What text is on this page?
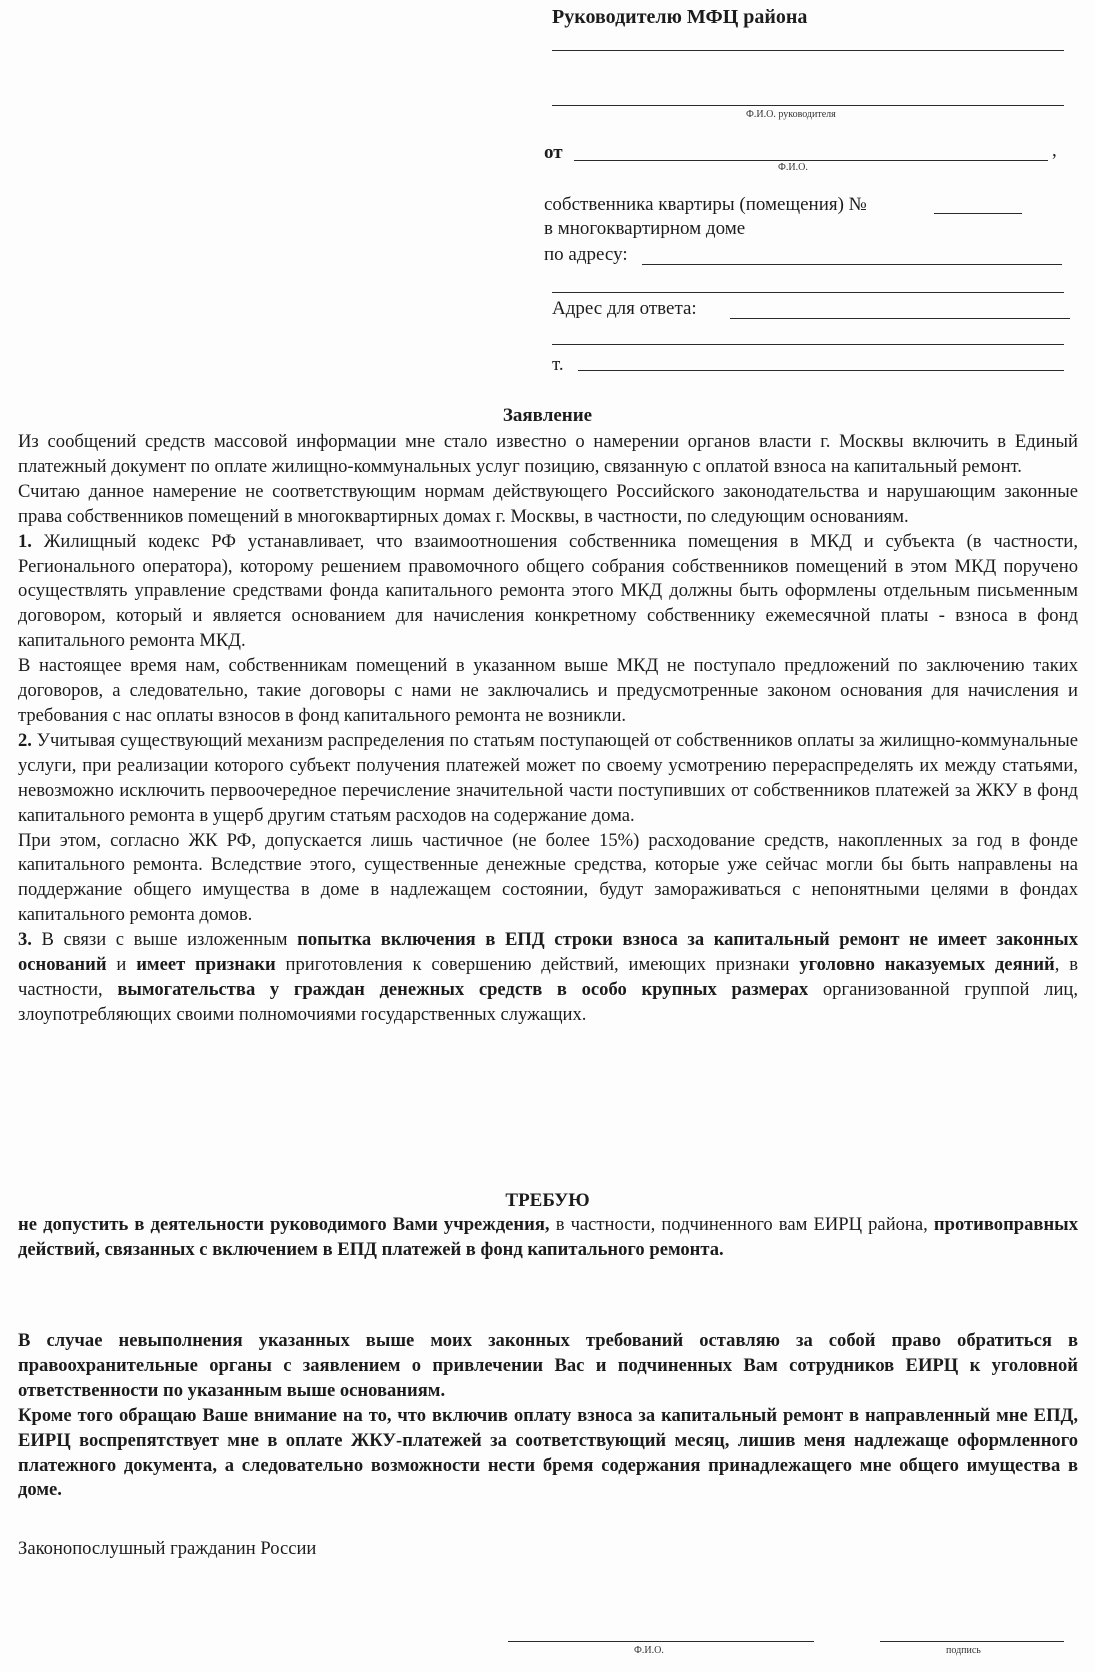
Руководителю МФЦ района
Ф.И.О. руководителя
от	,
Ф.И.О.
собственника квартиры (помещения) №
в многоквартирном доме
по адресу:
Адрес для ответа:
т.
Заявление

Из сообщений средств массовой информации мне стало известно о намерении органов власти г. Москвы включить в Единый платежный документ по оплате жилищно-коммунальных услуг позицию, связанную с оплатой взноса на капитальный ремонт.

Считаю данное намерение не соответствующим нормам действующего Российского законодательства и нарушающим законные права собственников помещений в многоквартирных домах г. Москвы, в частности, по следующим основаниям.

1. Жилищный кодекс РФ устанавливает, что взаимоотношения собственника помещения в МКД и субъекта (в частности, Регионального оператора), которому решением правомочного общего собрания собственников помещений в этом МКД поручено осуществлять управление средствами фонда капитального ремонта этого МКД должны быть оформлены отдельным письменным договором, который и является основанием для начисления конкретному собственнику ежемесячной платы - взноса в фонд капитального ремонта МКД.

В настоящее время нам, собственникам помещений в указанном выше МКД не поступало предложений по заключению таких договоров, а следовательно, такие договоры с нами не заключались и предусмотренные законом основания для начисления и требования с нас оплаты взносов в фонд капитального ремонта не возникли.

2. Учитывая существующий механизм распределения по статьям поступающей от собственников оплаты за жилищно-коммунальные услуги, при реализации которого субъект получения платежей может по своему усмотрению перераспределять их между статьями, невозможно исключить первоочередное перечисление значительной части поступивших от собственников платежей за ЖКУ в фонд капитального ремонта в ущерб другим статьям расходов на содержание дома.

При этом, согласно ЖК РФ, допускается лишь частичное (не более 15%) расходование средств, накопленных за год в фонде капитального ремонта. Вследствие этого, существенные денежные средства, которые уже сейчас могли бы быть направлены на поддержание общего имущества в доме в надлежащем состоянии, будут замораживаться с непонятными целями в фондах капитального ремонта домов.

3. В связи с выше изложенным попытка включения в ЕПД строки взноса за капитальный ремонт не имеет законных оснований и имеет признаки приготовления к совершению действий, имеющих признаки уголовно наказуемых деяний, в частности, вымогательства у граждан денежных средств в особо крупных размерах организованной группой лиц, злоупотребляющих своими полномочиями государственных служащих.

ТРЕБУЮ

не допустить в деятельности руководимого Вами учреждения, в частности, подчиненного вам ЕИРЦ района, противоправных действий, связанных с включением в ЕПД платежей в фонд капитального ремонта.

В случае невыполнения указанных выше моих законных требований оставляю за собой право обратиться в правоохранительные органы с заявлением о привлечении Вас и подчиненных Вам сотрудников ЕИРЦ к уголовной ответственности по указанным выше основаниям.

Кроме того обращаю Ваше внимание на то, что включив оплату взноса за капитальный ремонт в направленный мне ЕПД, ЕИРЦ воспрепятствует мне в оплате ЖКУ-платежей за соответствующий месяц, лишив меня надлежаще оформленного платежного документа, а следовательно возможности нести бремя содержания принадлежащего мне общего имущества в доме.

Законопослушный гражданин России
Ф.И.О.	подпись
